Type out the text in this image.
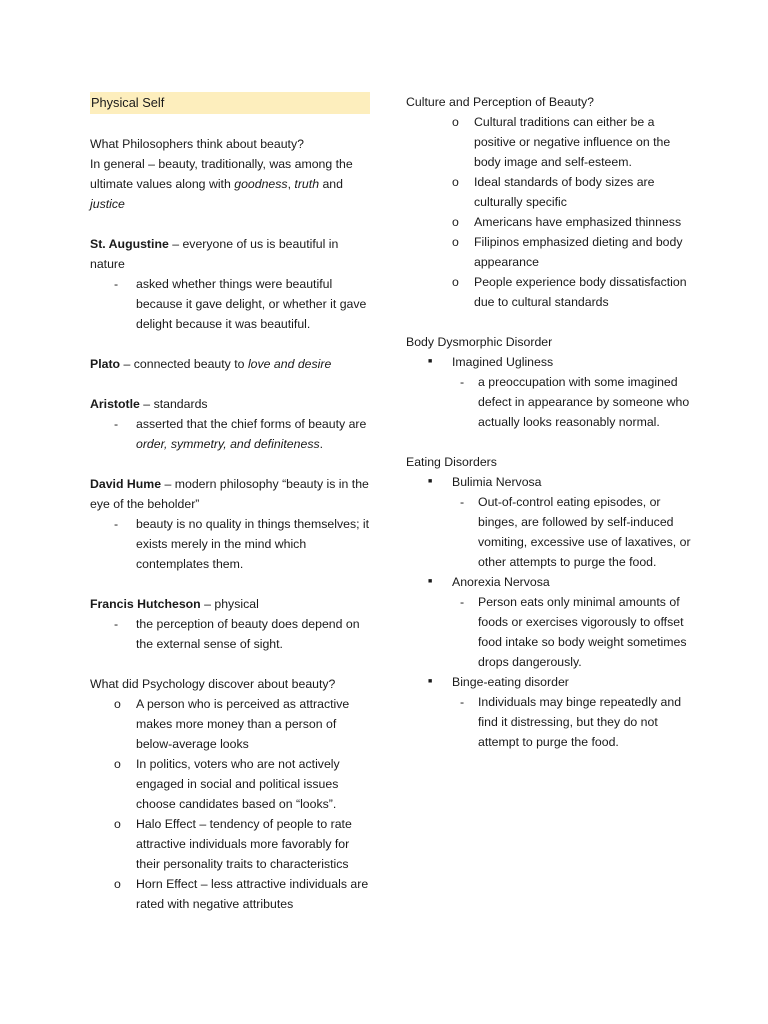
Physical Self

What Philosophers think about beauty?

In general – beauty, traditionally, was among the ultimate values along with goodness, truth and justice

St. Augustine – everyone of us is beautiful in nature

- asked whether things were beautiful because it gave delight, or whether it gave delight because it was beautiful.

Plato – connected beauty to love and desire

Aristotle – standards

- asserted that the chief forms of beauty are order, symmetry, and definiteness.

David Hume – modern philosophy “beauty is in the eye of the beholder”

- beauty is no quality in things themselves; it exists merely in the mind which contemplates them.

Francis Hutcheson – physical

- the perception of beauty does depend on the external sense of sight.

What did Psychology discover about beauty?

o A person who is perceived as attractive makes more money than a person of below-average looks
o In politics, voters who are not actively engaged in social and political issues choose candidates based on “looks”.
o Halo Effect – tendency of people to rate attractive individuals more favorably for their personality traits to characteristics
o Horn Effect – less attractive individuals are rated with negative attributes

Culture and Perception of Beauty?

o Cultural traditions can either be a positive or negative influence on the body image and self-esteem.
o Ideal standards of body sizes are culturally specific
o Americans have emphasized thinness
o Filipinos emphasized dieting and body appearance
o People experience body dissatisfaction due to cultural standards

Body Dysmorphic Disorder

■ Imagined Ugliness

- a preoccupation with some imagined defect in appearance by someone who actually looks reasonably normal.

Eating Disorders

■ Bulimia Nervosa

- Out-of-control eating episodes, or binges, are followed by self-induced vomiting, excessive use of laxatives, or other attempts to purge the food.

■ Anorexia Nervosa

- Person eats only minimal amounts of foods or exercises vigorously to offset food intake so body weight sometimes drops dangerously.

■ Binge-eating disorder

- Individuals may binge repeatedly and find it distressing, but they do not attempt to purge the food.
